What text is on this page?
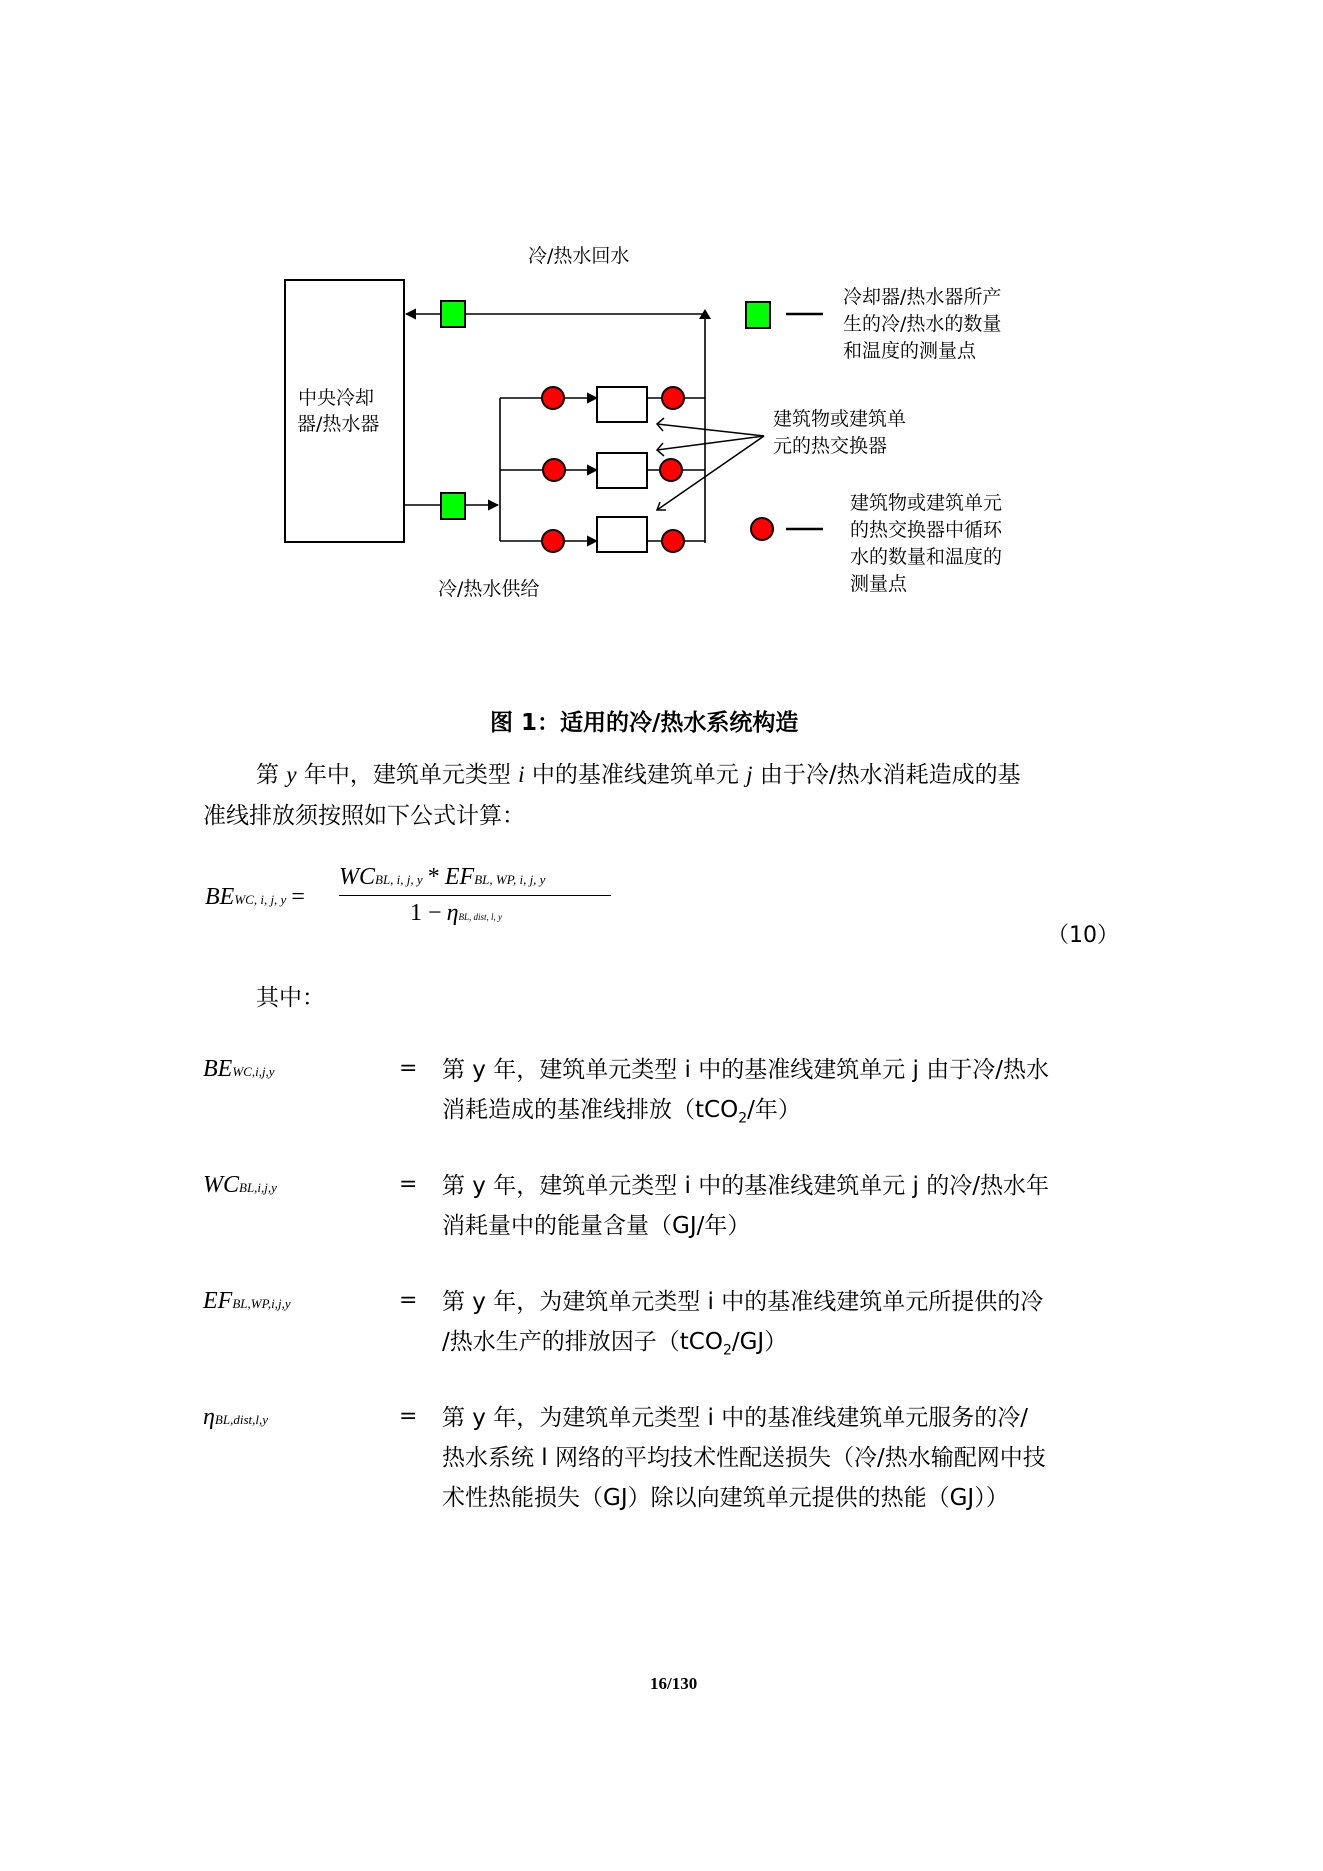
冷/热水回水
冷/热水供给
中央冷却
器/热水器
冷却器/热水器所产
生的冷/热水的数量
和温度的测量点
建筑物或建筑单
元的热交换器
建筑物或建筑单元
的热交换器中循环
水的数量和温度的
测量点
图 1：适用的冷/热水系统构造
第 y 年中，建筑单元类型 i 中的基准线建筑单元 j 由于冷/热水消耗造成的基
准线排放须按照如下公式计算：
BEWC, i, j, y =
WCBL, i, j, y * EFBL, WP, i, j, y
1 − ηBL, dist, l, y
（10）
其中：
BEWC,i,j,y	= 第 y 年，建筑单元类型 i 中的基准线建筑单元 j 由于冷/热水
消耗造成的基准线排放（tCO$_2$/年）
WCBL,i,j,y	= 第 y 年，建筑单元类型 i 中的基准线建筑单元 j 的冷/热水年
消耗量中的能量含量（GJ/年）
EFBL,WP,i,j,y	= 第 y 年，为建筑单元类型 i 中的基准线建筑单元所提供的冷
/热水生产的排放因子（tCO$_2$/GJ）
ηBL,dist,l,y	= 第 y 年，为建筑单元类型 i 中的基准线建筑单元服务的冷/
热水系统 l 网络的平均技术性配送损失（冷/热水输配网中技
术性热能损失（GJ）除以向建筑单元提供的热能（GJ））
16/130
